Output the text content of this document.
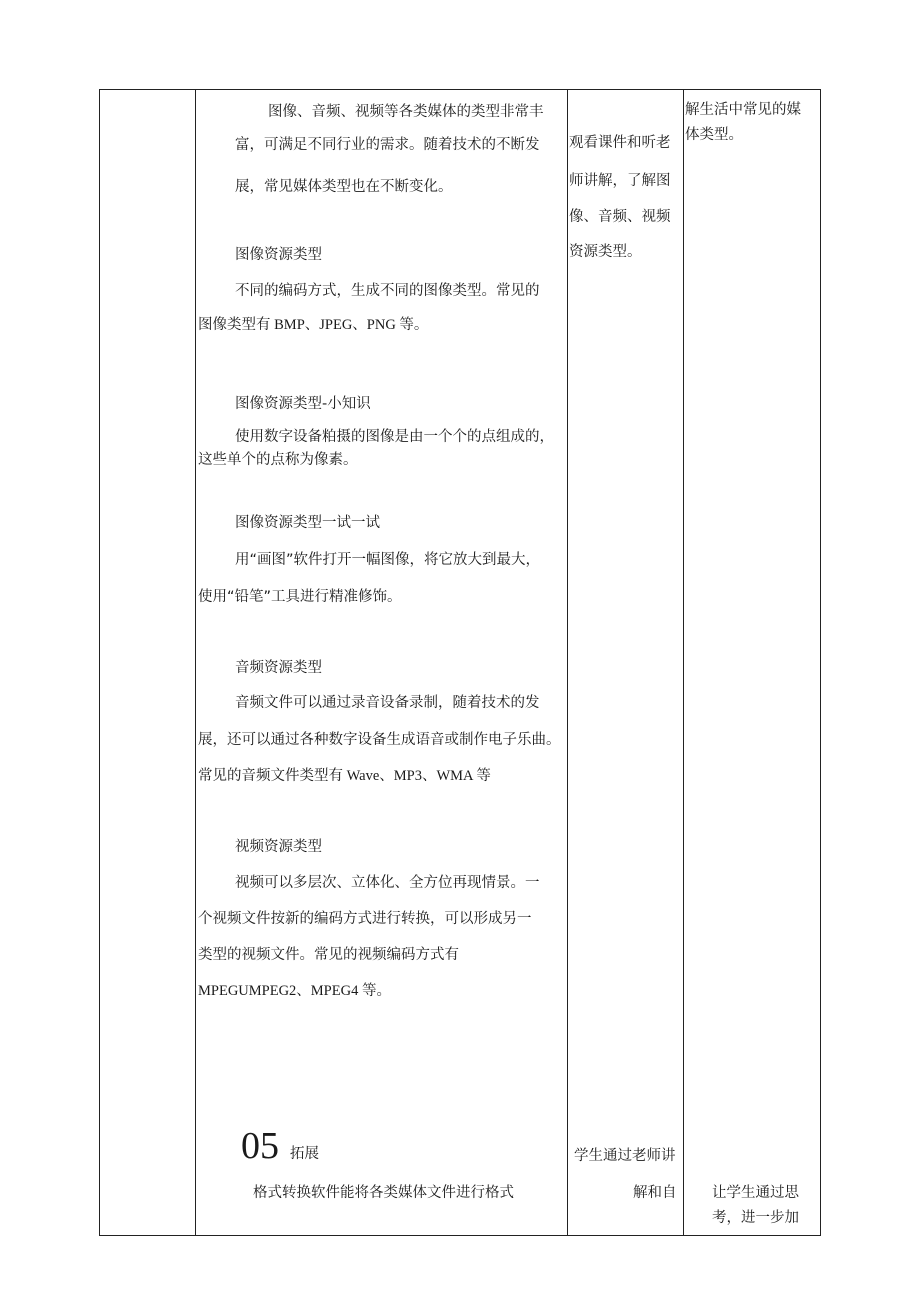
图像、音频、视频等各类媒体的类型非常丰
富，可满足不同行业的需求。随着技术的不断发
展，常见媒体类型也在不断变化。
图像资源类型
不同的编码方式，生成不同的图像类型。常见的
图像类型有 BMP、JPEG、PNG 等。
图像资源类型-小知识
使用数字设备粕摄的图像是由一个个的点组成的，
这些单个的点称为像素。
图像资源类型一试一试
用“画图”软件打开一幅图像，将它放大到最大，
使用“铅笔”工具进行精准修饰。
音频资源类型
音频文件可以通过录音设备录制，随着技术的发
展，还可以通过各种数字设备生成语音或制作电子乐曲。
常见的音频文件类型有 Wave、MP3、WMA 等
视频资源类型
视频可以多层次、立体化、全方位再现情景。一
个视频文件按新的编码方式进行转换，可以形成另一
类型的视频文件。常见的视频编码方式有
MPEGUMPEG2、MPEG4 等。
05 拓展
格式转换软件能将各类媒体文件进行格式
观看课件和听老
师讲解，了解图
像、音频、视频
资源类型。
学生通过老师讲
解和自
解生活中常见的媒
体类型。
让学生通过思
考，进一步加
